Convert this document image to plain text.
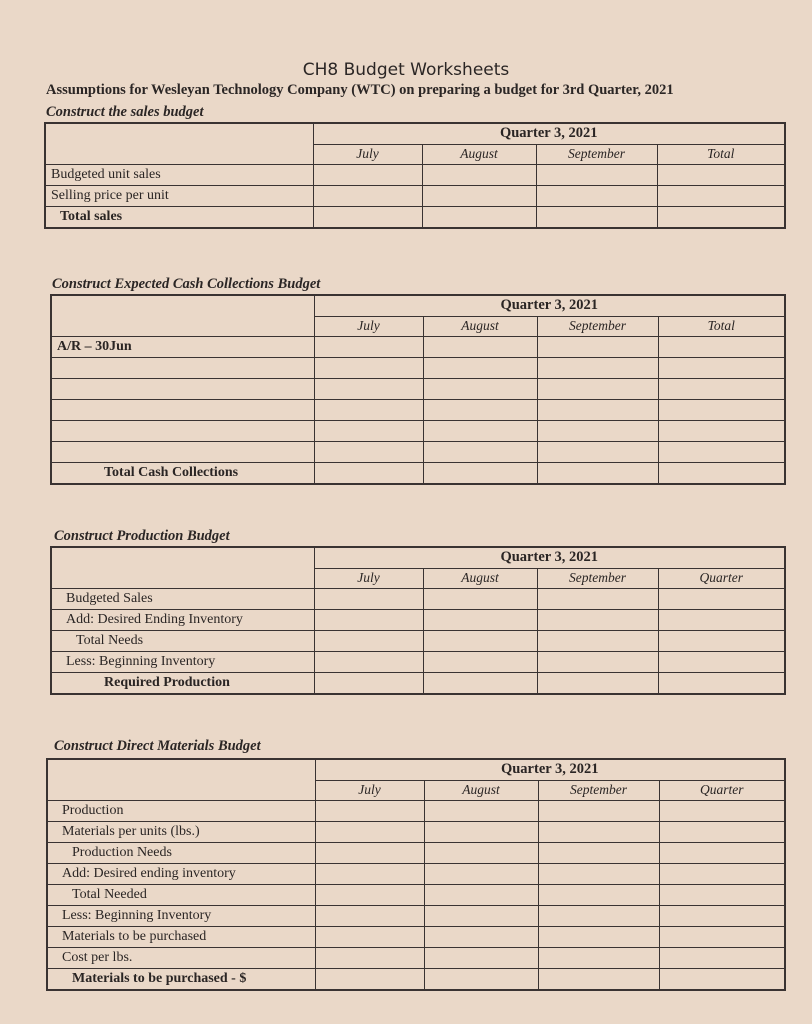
CH8 Budget Worksheets
Assumptions for Wesleyan Technology Company (WTC) on preparing a budget for 3rd Quarter, 2021
Construct the sales budget
	Quarter 3, 2021			
	July	August	September	Total
Budgeted unit sales				
Selling price per unit				
Total sales				
Construct Expected Cash Collections Budget
	Quarter 3, 2021			
	July	August	September	Total
A/R – 30Jun				

Total Cash Collections				
Construct Production Budget
	Quarter 3, 2021			
	July	August	September	Quarter
Budgeted Sales				
Add: Desired Ending Inventory				
Total Needs				
Less: Beginning Inventory				
Required Production				
Construct Direct Materials Budget
	Quarter 3, 2021			
	July	August	September	Quarter
Production				
Materials per units (lbs.)				
Production Needs				
Add: Desired ending inventory				
Total Needed				
Less: Beginning Inventory				
Materials to be purchased				
Cost per lbs.				
Materials to be purchased - $				
